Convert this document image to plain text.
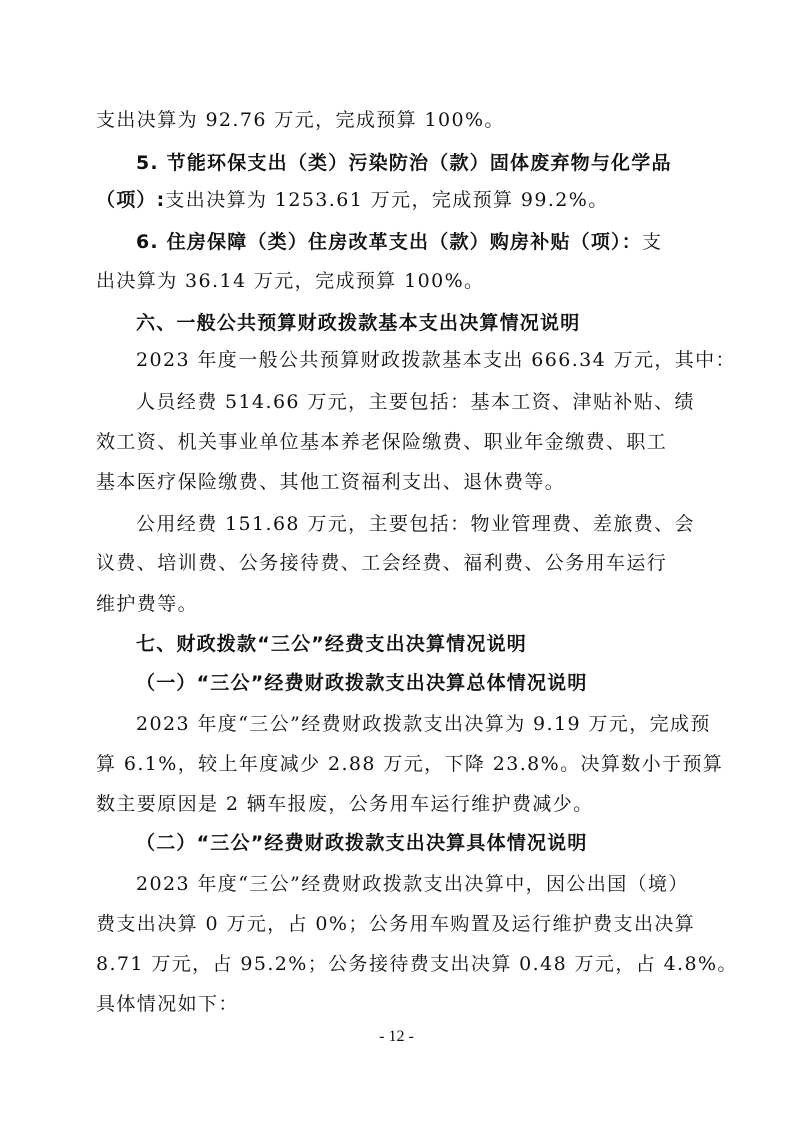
支出决算为 92.76 万元，完成预算 100%。
5. 节能环保支出（类）污染防治（款）固体废弃物与化学品
（项）:支出决算为 1253.61 万元，完成预算 99.2%。
6. 住房保障（类）住房改革支出（款）购房补贴（项）：支
出决算为 36.14 万元，完成预算 100%。
六、一般公共预算财政拨款基本支出决算情况说明
2023 年度一般公共预算财政拨款基本支出 666.34 万元，其中：
人员经费 514.66 万元，主要包括：基本工资、津贴补贴、绩
效工资、机关事业单位基本养老保险缴费、职业年金缴费、职工
基本医疗保险缴费、其他工资福利支出、退休费等。
公用经费 151.68 万元，主要包括：物业管理费、差旅费、会
议费、培训费、公务接待费、工会经费、福利费、公务用车运行
维护费等。
七、财政拨款“三公”经费支出决算情况说明
（一）“三公”经费财政拨款支出决算总体情况说明
2023 年度“三公”经费财政拨款支出决算为 9.19 万元，完成预
算 6.1%，较上年度减少 2.88 万元，下降 23.8%。决算数小于预算
数主要原因是 2 辆车报废，公务用车运行维护费减少。
（二）“三公”经费财政拨款支出决算具体情况说明
2023 年度“三公”经费财政拨款支出决算中，因公出国（境）
费支出决算 0 万元，占 0%；公务用车购置及运行维护费支出决算
8.71 万元，占 95.2%；公务接待费支出决算 0.48 万元，占 4.8%。
具体情况如下：
- 12 -
